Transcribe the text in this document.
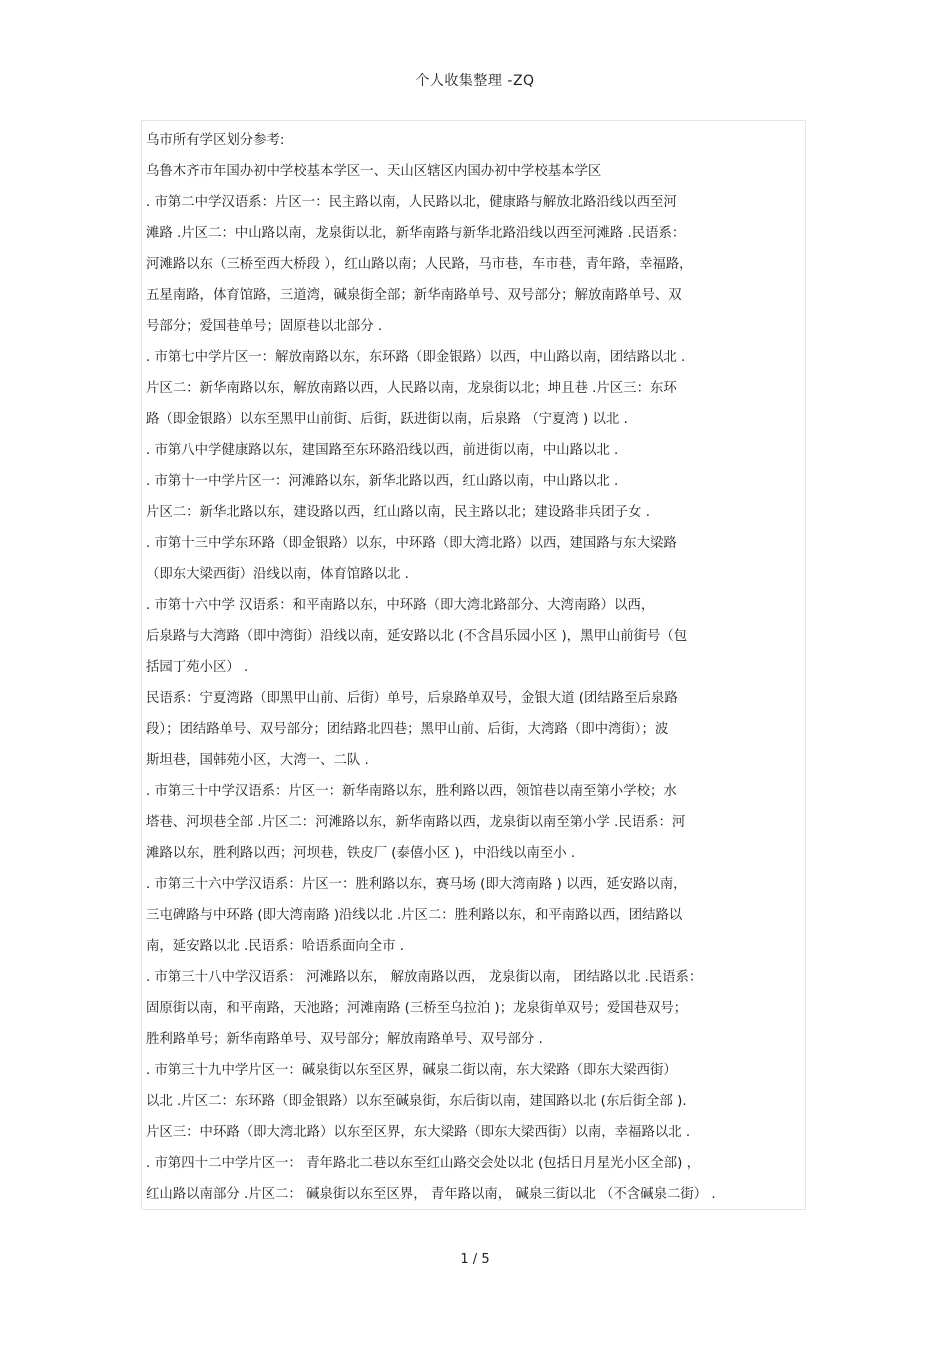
个人收集整理 -ZQ
乌市所有学区划分参考:
乌鲁木齐市年国办初中学校基本学区一、天山区辖区内国办初中学校基本学区
. 市第二中学汉语系：片区一：民主路以南，人民路以北，健康路与解放北路沿线以西至河
滩路 .片区二：中山路以南，龙泉街以北，新华南路与新华北路沿线以西至河滩路 .民语系：
河滩路以东（三桥至西大桥段 ），红山路以南；人民路，马市巷，车市巷，青年路，幸福路，
五星南路，体育馆路，三道湾，碱泉街全部；新华南路单号、双号部分；解放南路单号、双
号部分；爱国巷单号；固原巷以北部分 .
. 市第七中学片区一：解放南路以东，东环路（即金银路）以西，中山路以南，团结路以北 .
片区二：新华南路以东，解放南路以西，人民路以南，龙泉街以北；坤且巷 .片区三：东环
路（即金银路）以东至黑甲山前街、后街，跃进街以南，后泉路 （宁夏湾 ) 以北 .
. 市第八中学健康路以东，建国路至东环路沿线以西，前进街以南，中山路以北 .
. 市第十一中学片区一：河滩路以东，新华北路以西，红山路以南，中山路以北 .
片区二：新华北路以东，建设路以西，红山路以南，民主路以北；建设路非兵团子女 .
. 市第十三中学东环路（即金银路）以东，中环路（即大湾北路）以西，建国路与东大梁路
（即东大梁西街）沿线以南，体育馆路以北 .
. 市第十六中学 汉语系：和平南路以东，中环路（即大湾北路部分、大湾南路）以西，
后泉路与大湾路（即中湾街）沿线以南，延安路以北 (不含昌乐园小区 )，黑甲山前街号（包
括园丁苑小区） .
民语系：宁夏湾路（即黑甲山前、后街）单号，后泉路单双号，金银大道 (团结路至后泉路
段）；团结路单号、双号部分；团结路北四巷；黑甲山前、后街，大湾路（即中湾街）；波
斯坦巷，国韩苑小区，大湾一、二队 .
. 市第三十中学汉语系：片区一：新华南路以东，胜利路以西，领馆巷以南至第小学校；水
塔巷、河坝巷全部 .片区二：河滩路以东，新华南路以西，龙泉街以南至第小学 .民语系：河
滩路以东，胜利路以西；河坝巷，铁皮厂 (泰僖小区 )，中沿线以南至小 .
. 市第三十六中学汉语系：片区一：胜利路以东，赛马场 (即大湾南路 ) 以西，延安路以南，
三屯碑路与中环路 (即大湾南路 )沿线以北 .片区二：胜利路以东，和平南路以西，团结路以
南，延安路以北 .民语系：哈语系面向全市 .
. 市第三十八中学汉语系： 河滩路以东， 解放南路以西， 龙泉街以南， 团结路以北 .民语系：
固原街以南，和平南路，天池路；河滩南路 (三桥至乌拉泊 )；龙泉街单双号；爱国巷双号；
胜利路单号；新华南路单号、双号部分；解放南路单号、双号部分 .
. 市第三十九中学片区一：碱泉街以东至区界，碱泉二街以南，东大梁路（即东大梁西街）
以北 .片区二：东环路（即金银路）以东至碱泉街，东后街以南，建国路以北 (东后街全部 ).
片区三：中环路（即大湾北路）以东至区界，东大梁路（即东大梁西街）以南，幸福路以北 .
. 市第四十二中学片区一： 青年路北二巷以东至红山路交会处以北 (包括日月星光小区全部) ，
红山路以南部分 .片区二： 碱泉街以东至区界， 青年路以南， 碱泉三街以北 （不含碱泉二街） .
1 / 5
